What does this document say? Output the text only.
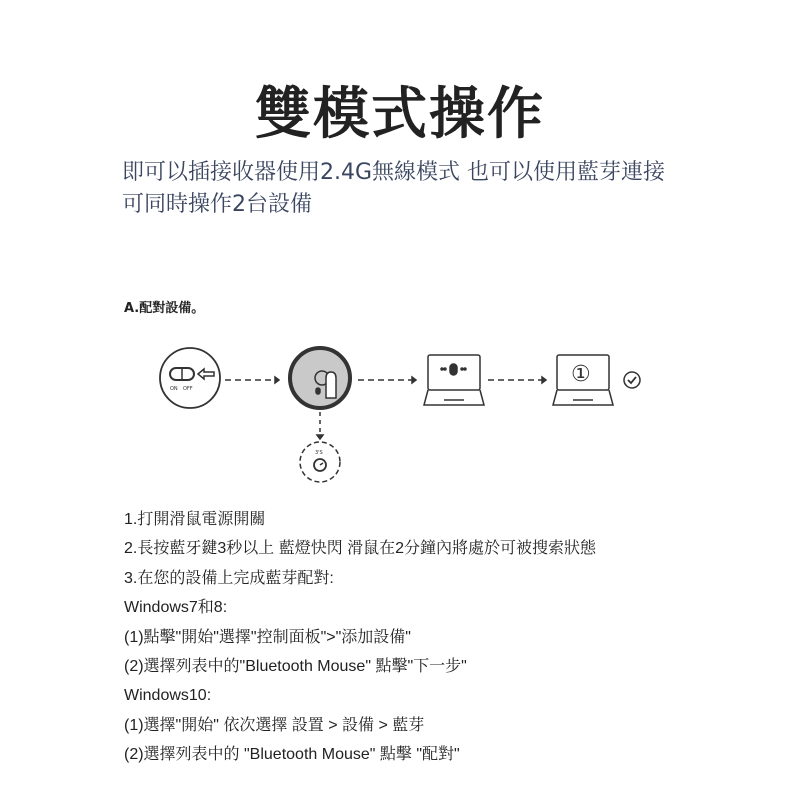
雙模式操作
即可以插接收器使用2.4G無線模式 也可以使用藍芽連接
可同時操作2台設備
A.配對設備。
ON OFF
3'S
①
1.打開滑鼠電源開關
2.長按藍牙鍵3秒以上 藍燈快閃 滑鼠在2分鐘內將處於可被搜索狀態
3.在您的設備上完成藍芽配對:
Windows7和8:
(1)點擊"開始"選擇"控制面板">"添加設備"
(2)選擇列表中的"Bluetooth Mouse" 點擊"下一步"
Windows10:
(1)選擇"開始" 依次選擇 設置 > 設備 > 藍芽
(2)選擇列表中的 "Bluetooth Mouse" 點擊 "配對"
